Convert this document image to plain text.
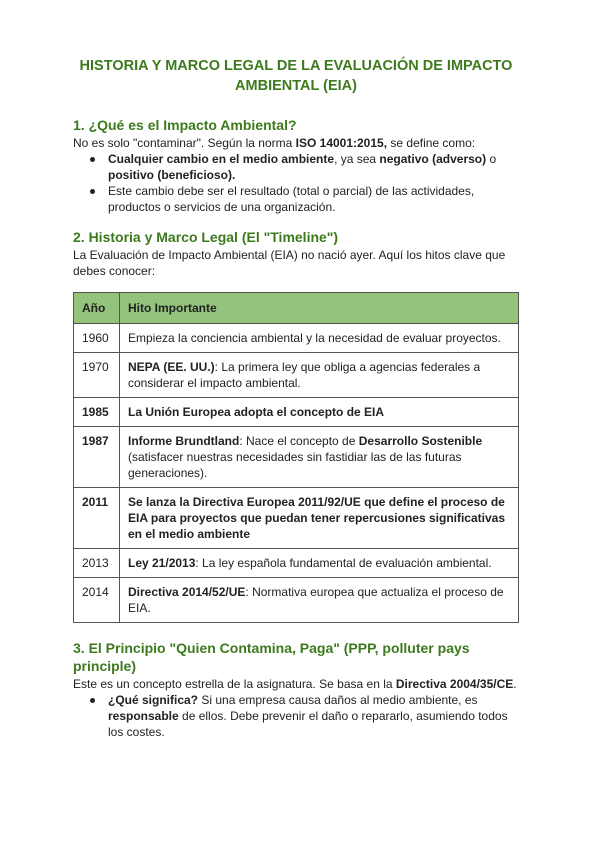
HISTORIA Y MARCO LEGAL DE LA EVALUACIÓN DE IMPACTO AMBIENTAL (EIA)
1. ¿Qué es el Impacto Ambiental?

No es solo "contaminar". Según la norma ISO 14001:2015, se define como:

Cualquier cambio en el medio ambiente, ya sea negativo (adverso) o positivo (beneficioso).
Este cambio debe ser el resultado (total o parcial) de las actividades, productos o servicios de una organización.
2. Historia y Marco Legal (El "Timeline")

La Evaluación de Impacto Ambiental (EIA) no nació ayer. Aquí los hitos clave que debes conocer:

Año	Hito Importante
1960	Empieza la conciencia ambiental y la necesidad de evaluar proyectos.
1970	NEPA (EE. UU.): La primera ley que obliga a agencias federales a considerar el impacto ambiental.
1985	La Unión Europea adopta el concepto de EIA
1987	Informe Brundtland: Nace el concepto de Desarrollo Sostenible (satisfacer nuestras necesidades sin fastidiar las de las futuras generaciones).
2011	Se lanza la Directiva Europea 2011/92/UE que define el proceso de EIA para proyectos que puedan tener repercusiones significativas en el medio ambiente
2013	Ley 21/2013: La ley española fundamental de evaluación ambiental.
2014	Directiva 2014/52/UE: Normativa europea que actualiza el proceso de EIA.
3. El Principio "Quien Contamina, Paga" (PPP, polluter pays principle)

Este es un concepto estrella de la asignatura. Se basa en la Directiva 2004/35/CE.

¿Qué significa? Si una empresa causa daños al medio ambiente, es responsable de ellos. Debe prevenir el daño o repararlo, asumiendo todos los costes.
